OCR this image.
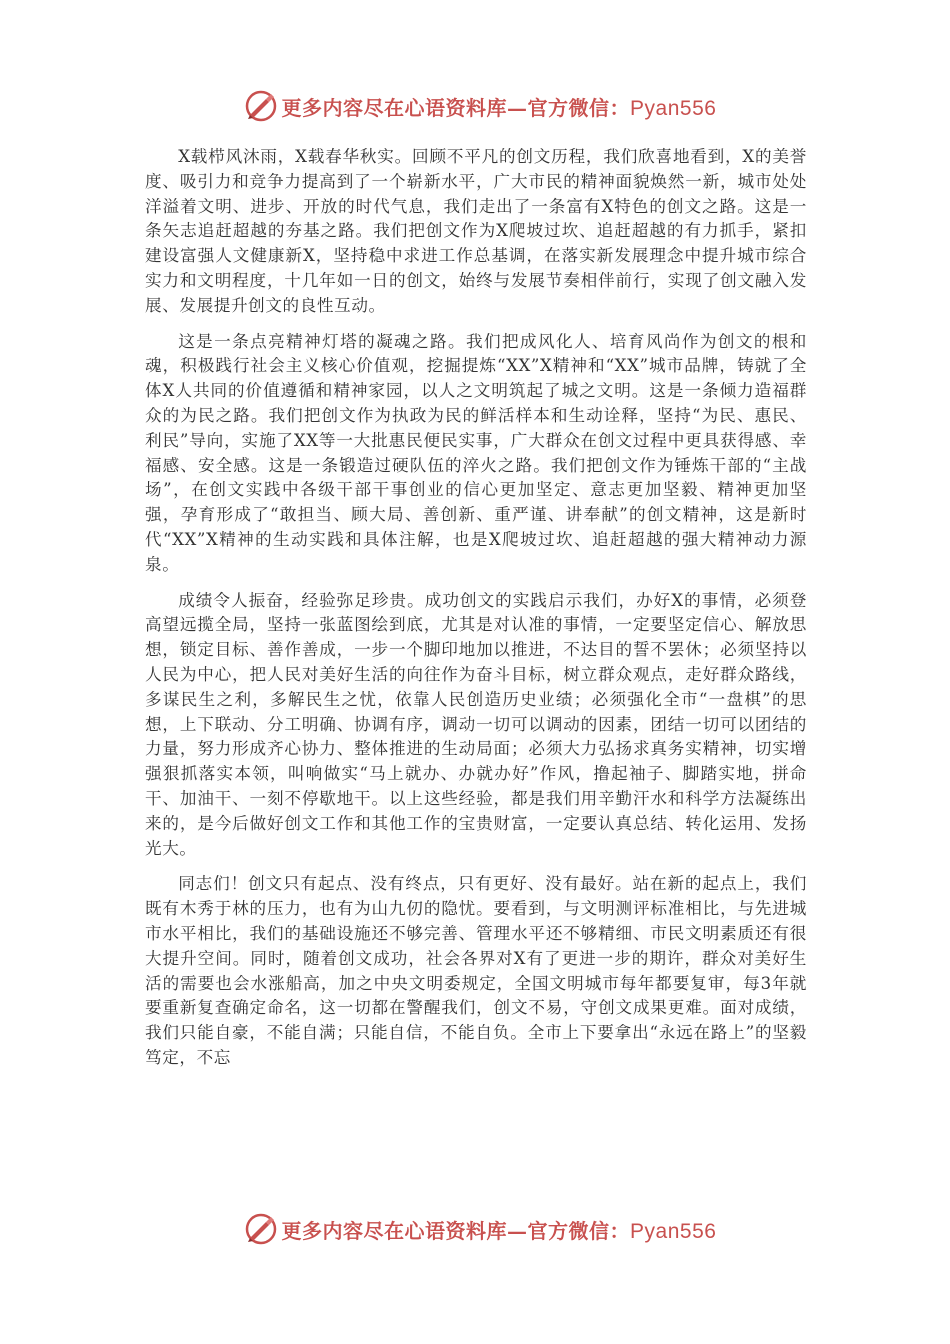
更多内容尽在心语资料库—官方微信：Pyan556

X载栉风沐雨，X载春华秋实。回顾不平凡的创文历程，我们欣喜地看到，X的美誉度、吸引力和竞争力提高到了一个崭新水平，广大市民的精神面貌焕然一新，城市处处洋溢着文明、进步、开放的时代气息，我们走出了一条富有X特色的创文之路。这是一条矢志追赶超越的夯基之路。我们把创文作为X爬坡过坎、追赶超越的有力抓手，紧扣建设富强人文健康新X，坚持稳中求进工作总基调，在落实新发展理念中提升城市综合实力和文明程度，十几年如一日的创文，始终与发展节奏相伴前行，实现了创文融入发展、发展提升创文的良性互动。

这是一条点亮精神灯塔的凝魂之路。我们把成风化人、培育风尚作为创文的根和魂，积极践行社会主义核心价值观，挖掘提炼“XX”X精神和“XX”城市品牌，铸就了全体X人共同的价值遵循和精神家园，以人之文明筑起了城之文明。这是一条倾力造福群众的为民之路。我们把创文作为执政为民的鲜活样本和生动诠释，坚持“为民、惠民、利民”导向，实施了XX等一大批惠民便民实事，广大群众在创文过程中更具获得感、幸福感、安全感。这是一条锻造过硬队伍的淬火之路。我们把创文作为锤炼干部的“主战场”，在创文实践中各级干部干事创业的信心更加坚定、意志更加坚毅、精神更加坚强，孕育形成了“敢担当、顾大局、善创新、重严谨、讲奉献”的创文精神，这是新时代“XX”X精神的生动实践和具体注解，也是X爬坡过坎、追赶超越的强大精神动力源泉。

成绩令人振奋，经验弥足珍贵。成功创文的实践启示我们，办好X的事情，必须登高望远揽全局，坚持一张蓝图绘到底，尤其是对认准的事情，一定要坚定信心、解放思想，锁定目标、善作善成，一步一个脚印地加以推进，不达目的誓不罢休；必须坚持以人民为中心，把人民对美好生活的向往作为奋斗目标，树立群众观点，走好群众路线，多谋民生之利，多解民生之忧，依靠人民创造历史业绩；必须强化全市“一盘棋”的思想，上下联动、分工明确、协调有序，调动一切可以调动的因素，团结一切可以团结的力量，努力形成齐心协力、整体推进的生动局面；必须大力弘扬求真务实精神，切实增强狠抓落实本领，叫响做实“马上就办、办就办好”作风，撸起袖子、脚踏实地，拼命干、加油干、一刻不停歇地干。以上这些经验，都是我们用辛勤汗水和科学方法凝练出来的，是今后做好创文工作和其他工作的宝贵财富，一定要认真总结、转化运用、发扬光大。

同志们！创文只有起点、没有终点，只有更好、没有最好。站在新的起点上，我们既有木秀于林的压力，也有为山九仞的隐忧。要看到，与文明测评标准相比，与先进城市水平相比，我们的基础设施还不够完善、管理水平还不够精细、市民文明素质还有很大提升空间。同时，随着创文成功，社会各界对X有了更进一步的期许，群众对美好生活的需要也会水涨船高，加之中央文明委规定，全国文明城市每年都要复审，每3年就要重新复查确定命名，这一切都在警醒我们，创文不易，守创文成果更难。面对成绩，我们只能自豪，不能自满；只能自信，不能自负。全市上下要拿出“永远在路上”的坚毅笃定，不忘

更多内容尽在心语资料库—官方微信：Pyan556
